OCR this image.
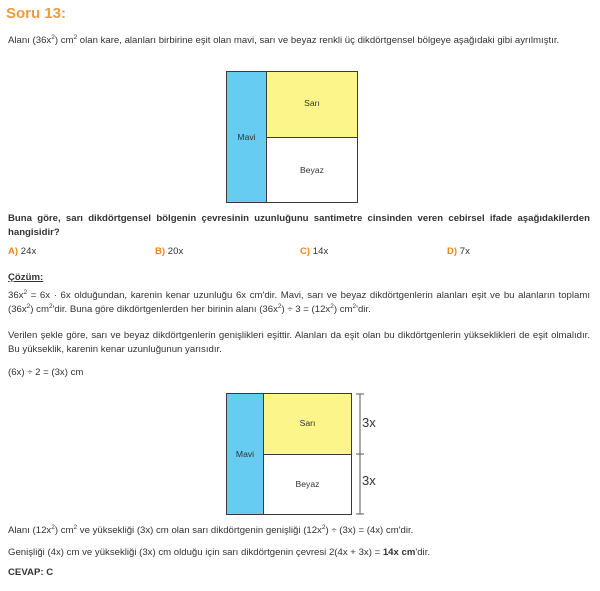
Soru 13:

Alanı $(36x^2)$ $cm^2$ olan kare, alanları birbirine eşit olan mavi, sarı ve beyaz renkli üç dikdörtgensel bölgeye aşağıdaki gibi ayrılmıştır.

Mavi
Sarı
Beyaz

Buna göre, sarı dikdörtgensel bölgenin çevresinin uzunluğunu santimetre cinsinden veren cebirsel ifade aşağıdakilerden hangisidir?

A) 24x	B) 20x	C) 14x	D) 7x
Çözüm:

$36x^2 = 6x \cdot 6x$ olduğundan, karenin kenar uzunluğu 6x cm'dir. Mavi, sarı ve beyaz dikdörtgenlerin alanları eşit ve bu alanların toplamı $(36x^2)$ $cm^2'dir$. Buna göre dikdörtgenlerden her birinin alanı $(36x^2) \div 3 = (12x^2)$ $cm^2'dir$.

Verilen şekle göre, sarı ve beyaz dikdörtgenlerin genişlikleri eşittir. Alanları da eşit olan bu dikdörtgenlerin yükseklikleri de eşit olmalıdır. Bu yükseklik, karenin kenar uzunluğunun yarısıdır.

(6x) ÷ 2 = (3x) cm

Mavi
Sarı
Beyaz
3x
3x

Alanı $(12x^2)$ $cm^2$ ve yüksekliği (3x) cm olan sarı dikdörtgenin genişliği $(12x^2) \div (3x) = (4x)$ cm'dir.

Genişliği (4x) cm ve yüksekliği (3x) cm olduğu için sarı dikdörtgenin çevresi 2(4x + 3x) = 14x cm'dir.

CEVAP: C
